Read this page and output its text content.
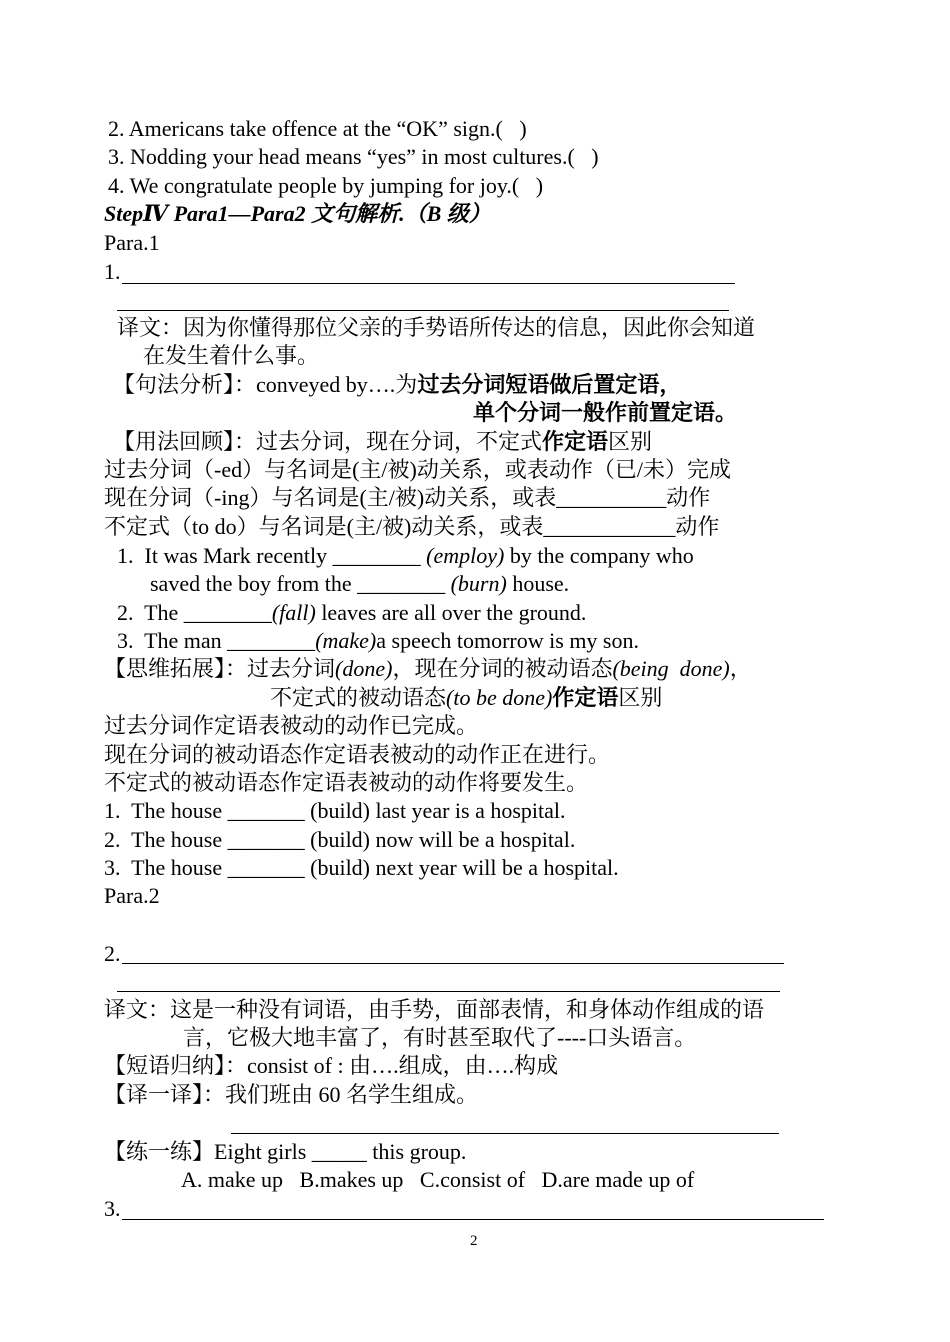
2. Americans take offence at the “OK” sign.(   )
3. Nodding your head means “yes” in most cultures.(   )
4. We congratulate people by jumping for joy.(   )
StepⅣ Para1—Para2 文句解析.（B 级）
Para.1
1.
译文：因为你懂得那位父亲的手势语所传达的信息，因此你会知道
在发生着什么事。
【句法分析】：conveyed by….为过去分词短语做后置定语，
单个分词一般作前置定语。
【用法回顾】：过去分词，现在分词，不定式作定语区别
过去分词（-ed）与名词是(主/被)动关系，或表动作（已/未）完成
现在分词（-ing）与名词是(主/被)动关系，或表__________动作
不定式（to do）与名词是(主/被)动关系，或表____________动作
1.  It was Mark recently ________ (employ) by the company who
saved the boy from the ________ (burn) house.
2.  The ________(fall) leaves are all over the ground.
3.  The man ________(make)a speech tomorrow is my son.
【思维拓展】：过去分词(done)，现在分词的被动语态(being  done)，
不定式的被动语态(to be done)作定语区别
过去分词作定语表被动的动作已完成。
现在分词的被动语态作定语表被动的动作正在进行。
不定式的被动语态作定语表被动的动作将要发生。
1.  The house _______ (build) last year is a hospital.
2.  The house _______ (build) now will be a hospital.
3.  The house _______ (build) next year will be a hospital.
Para.2
2.
译文：这是一种没有词语，由手势，面部表情，和身体动作组成的语
言，它极大地丰富了，有时甚至取代了----口头语言。
【短语归纳】：consist of : 由….组成，由….构成
【译一译】：我们班由 60 名学生组成。
【练一练】Eight girls _____ this group.
A. make up   B.makes up   C.consist of   D.are made up of
3.
2
